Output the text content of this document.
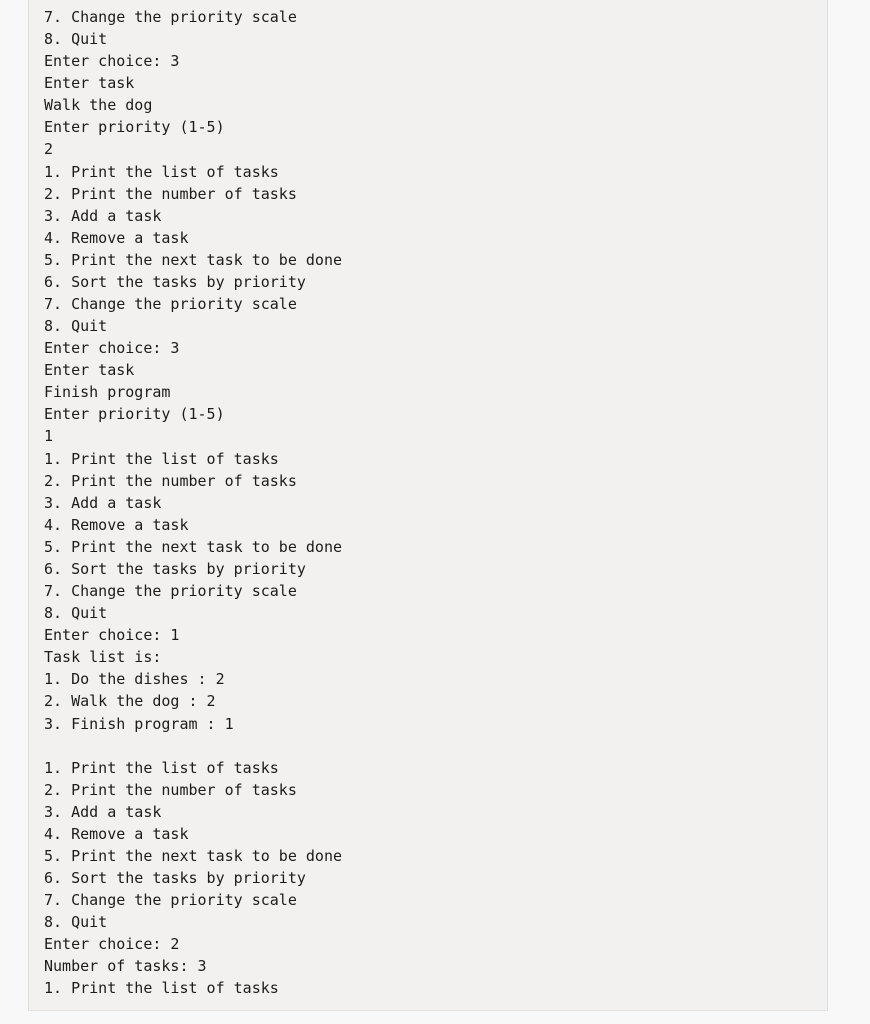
7. Change the priority scale
8. Quit
Enter choice: 3
Enter task
Walk the dog
Enter priority (1-5)
2
1. Print the list of tasks
2. Print the number of tasks
3. Add a task
4. Remove a task
5. Print the next task to be done
6. Sort the tasks by priority
7. Change the priority scale
8. Quit
Enter choice: 3
Enter task
Finish program
Enter priority (1-5)
1
1. Print the list of tasks
2. Print the number of tasks
3. Add a task
4. Remove a task
5. Print the next task to be done
6. Sort the tasks by priority
7. Change the priority scale
8. Quit
Enter choice: 1
Task list is:
1. Do the dishes : 2
2. Walk the dog : 2
3. Finish program : 1
1. Print the list of tasks
2. Print the number of tasks
3. Add a task
4. Remove a task
5. Print the next task to be done
6. Sort the tasks by priority
7. Change the priority scale
8. Quit
Enter choice: 2
Number of tasks: 3
1. Print the list of tasks
